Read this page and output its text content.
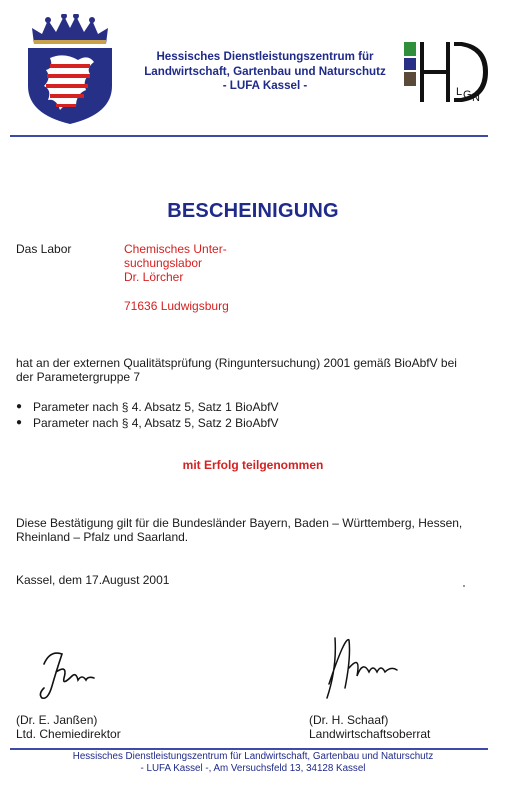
Hessisches Dienstleistungszentrum für
Landwirtschaft, Gartenbau und Naturschutz
- LUFA Kassel -	L G N
BESCHEINIGUNG
Das Labor	Chemisches Unter-
suchungslabor
Dr. Lörcher
71636 Ludwigsburg
hat an der externen Qualitätsprüfung (Ringuntersuchung) 2001 gemäß BioAbfV bei
der Parametergruppe 7
● Parameter nach § 4. Absatz 5, Satz 1 BioAbfV
● Parameter nach § 4, Absatz 5, Satz 2 BioAbfV
mit Erfolg teilgenommen
Diese Bestätigung gilt für die Bundesländer Bayern, Baden – Württemberg, Hessen,
Rheinland – Pfalz und Saarland.
Kassel, dem 17.August 2001
(Dr. E. Janßen)
Ltd. Chemiedirektor
(Dr. H. Schaaf)
Landwirtschaftsoberrat
Hessisches Dienstleistungszentrum für Landwirtschaft, Gartenbau und Naturschutz
- LUFA Kassel -, Am Versuchsfeld 13, 34128 Kassel
